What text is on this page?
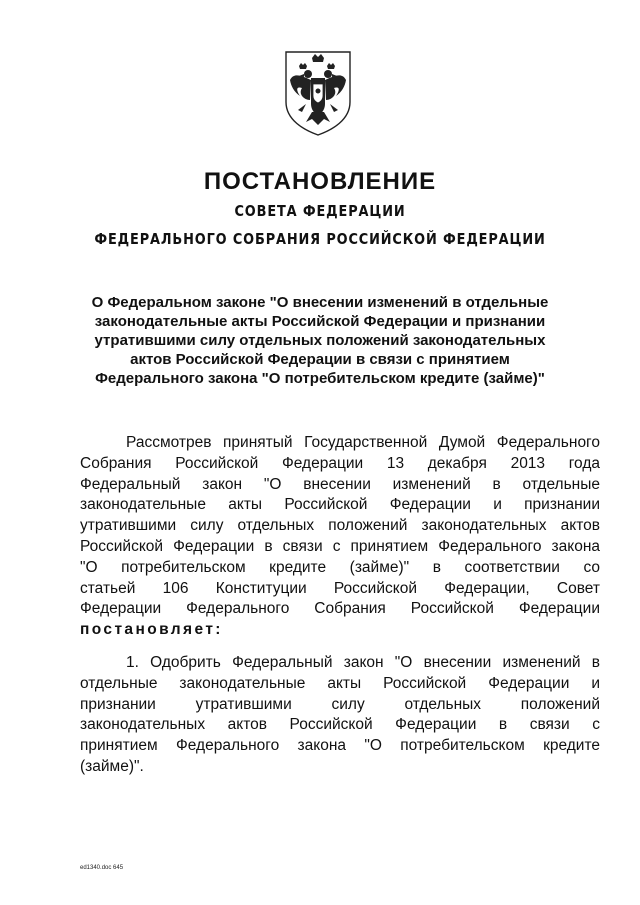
ПОСТАНОВЛЕНИЕ
СОВЕТА ФЕДЕРАЦИИ
ФЕДЕРАЛЬНОГО СОБРАНИЯ РОССИЙСКОЙ ФЕДЕРАЦИИ
О Федеральном законе "О внесении изменений в отдельные
законодательные акты Российской Федерации и признании
утратившими силу отдельных положений законодательных
актов Российской Федерации в связи с принятием
Федерального закона "О потребительском кредите (займе)"
Рассмотрев принятый Государственной Думой Федерального
Собрания Российской Федерации 13 декабря 2013 года
Федеральный закон "О внесении изменений в отдельные
законодательные акты Российской Федерации и признании
утратившими силу отдельных положений законодательных актов
Российской Федерации в связи с принятием Федерального закона
"О потребительском кредите (займе)" в соответствии со
статьей 106 Конституции Российской Федерации, Совет
Федерации Федерального Собрания Российской Федерации
постановляет:
1. Одобрить Федеральный закон "О внесении изменений в
отдельные законодательные акты Российской Федерации и
признании утратившими силу отдельных положений
законодательных актов Российской Федерации в связи с
принятием Федерального закона "О потребительском кредите
(займе)".
ed1340.doc 645
